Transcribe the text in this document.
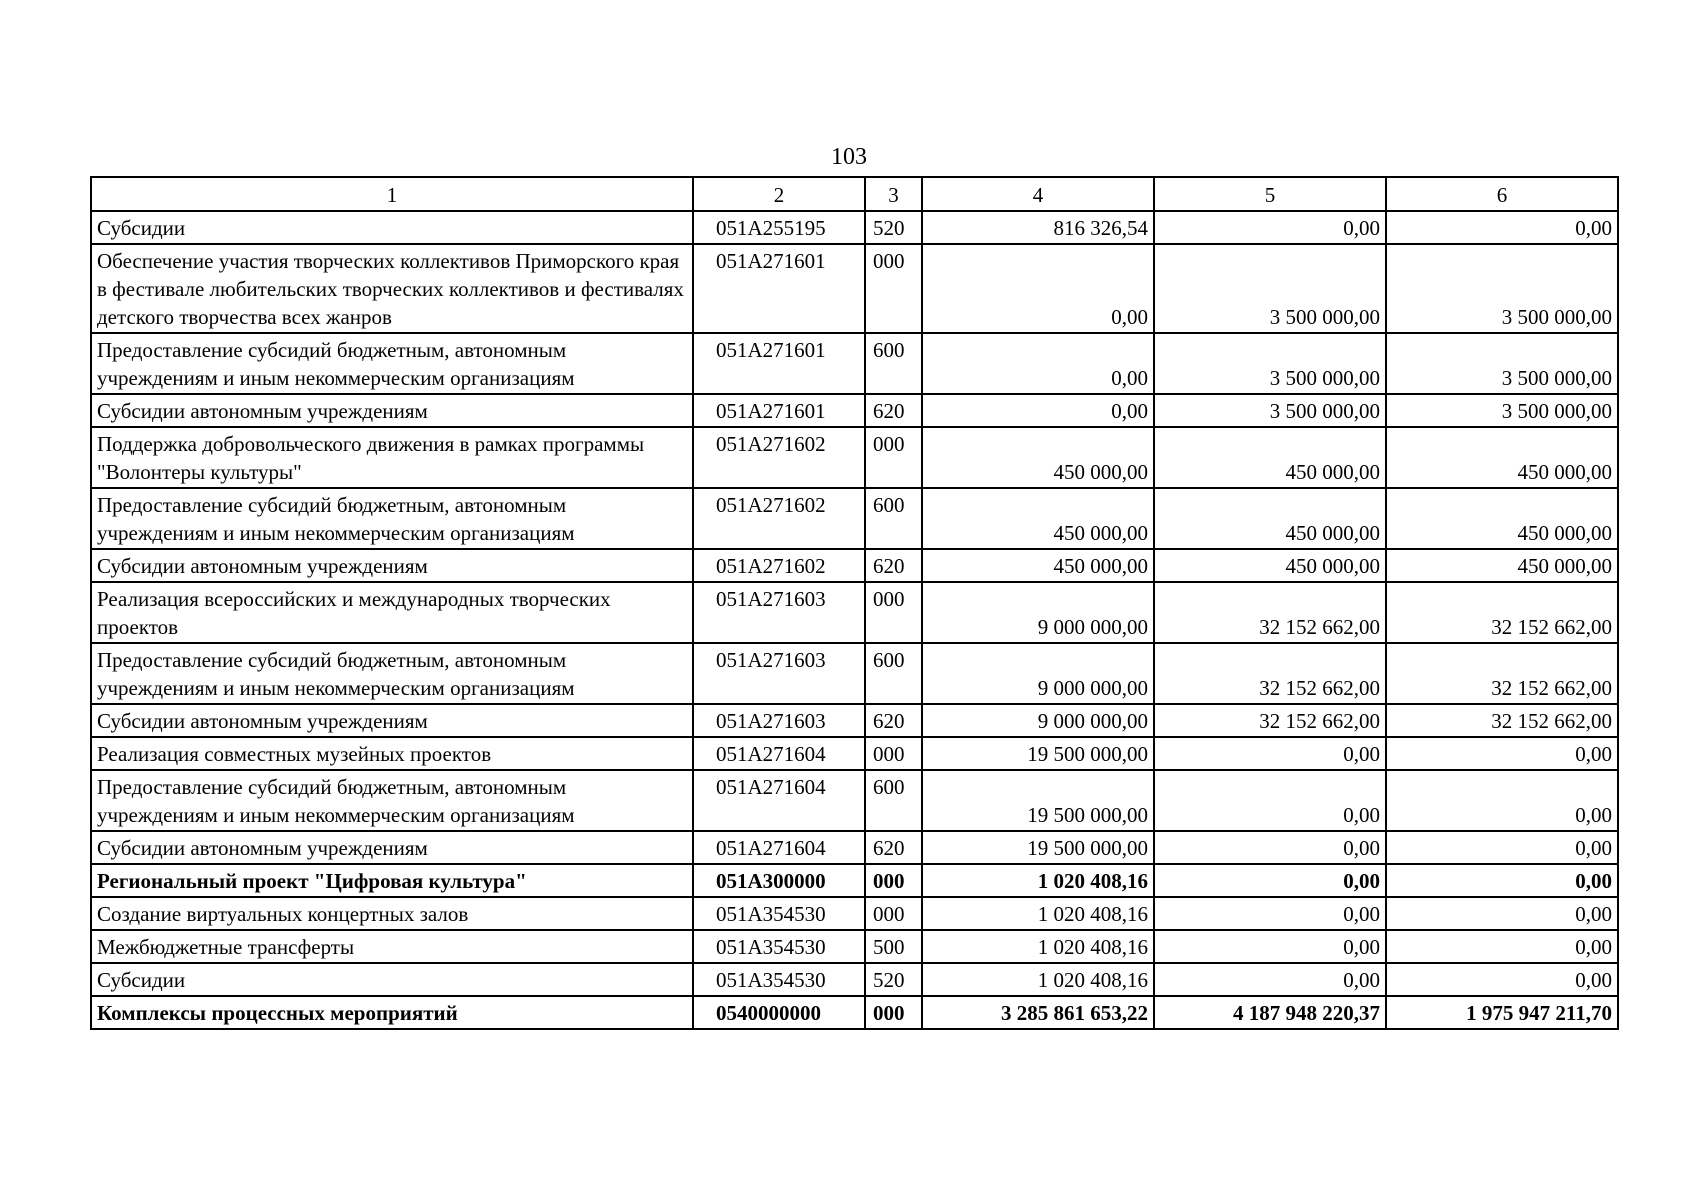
103
1	2	3	4	5	6
Субсидии	051A255195	520	816 326,54	0,00	0,00
Обеспечение участия творческих коллективов Приморского края в фестивале любительских творческих коллективов и фестивалях детского творчества всех жанров	051A271601	000	0,00	3 500 000,00	3 500 000,00
Предоставление субсидий бюджетным, автономным учреждениям и иным некоммерческим организациям	051A271601	600	0,00	3 500 000,00	3 500 000,00
Субсидии автономным учреждениям	051A271601	620	0,00	3 500 000,00	3 500 000,00
Поддержка добровольческого движения в рамках программы "Волонтеры культуры"	051A271602	000	450 000,00	450 000,00	450 000,00
Предоставление субсидий бюджетным, автономным учреждениям и иным некоммерческим организациям	051A271602	600	450 000,00	450 000,00	450 000,00
Субсидии автономным учреждениям	051A271602	620	450 000,00	450 000,00	450 000,00
Реализация всероссийских и международных творческих проектов	051A271603	000	9 000 000,00	32 152 662,00	32 152 662,00
Предоставление субсидий бюджетным, автономным учреждениям и иным некоммерческим организациям	051A271603	600	9 000 000,00	32 152 662,00	32 152 662,00
Субсидии автономным учреждениям	051A271603	620	9 000 000,00	32 152 662,00	32 152 662,00
Реализация совместных музейных проектов	051A271604	000	19 500 000,00	0,00	0,00
Предоставление субсидий бюджетным, автономным учреждениям и иным некоммерческим организациям	051A271604	600	19 500 000,00	0,00	0,00
Субсидии автономным учреждениям	051A271604	620	19 500 000,00	0,00	0,00
Региональный проект "Цифровая культура"	051A300000	000	1 020 408,16	0,00	0,00
Создание виртуальных концертных залов	051A354530	000	1 020 408,16	0,00	0,00
Межбюджетные трансферты	051A354530	500	1 020 408,16	0,00	0,00
Субсидии	051A354530	520	1 020 408,16	0,00	0,00
Комплексы процессных мероприятий	0540000000	000	3 285 861 653,22	4 187 948 220,37	1 975 947 211,70
